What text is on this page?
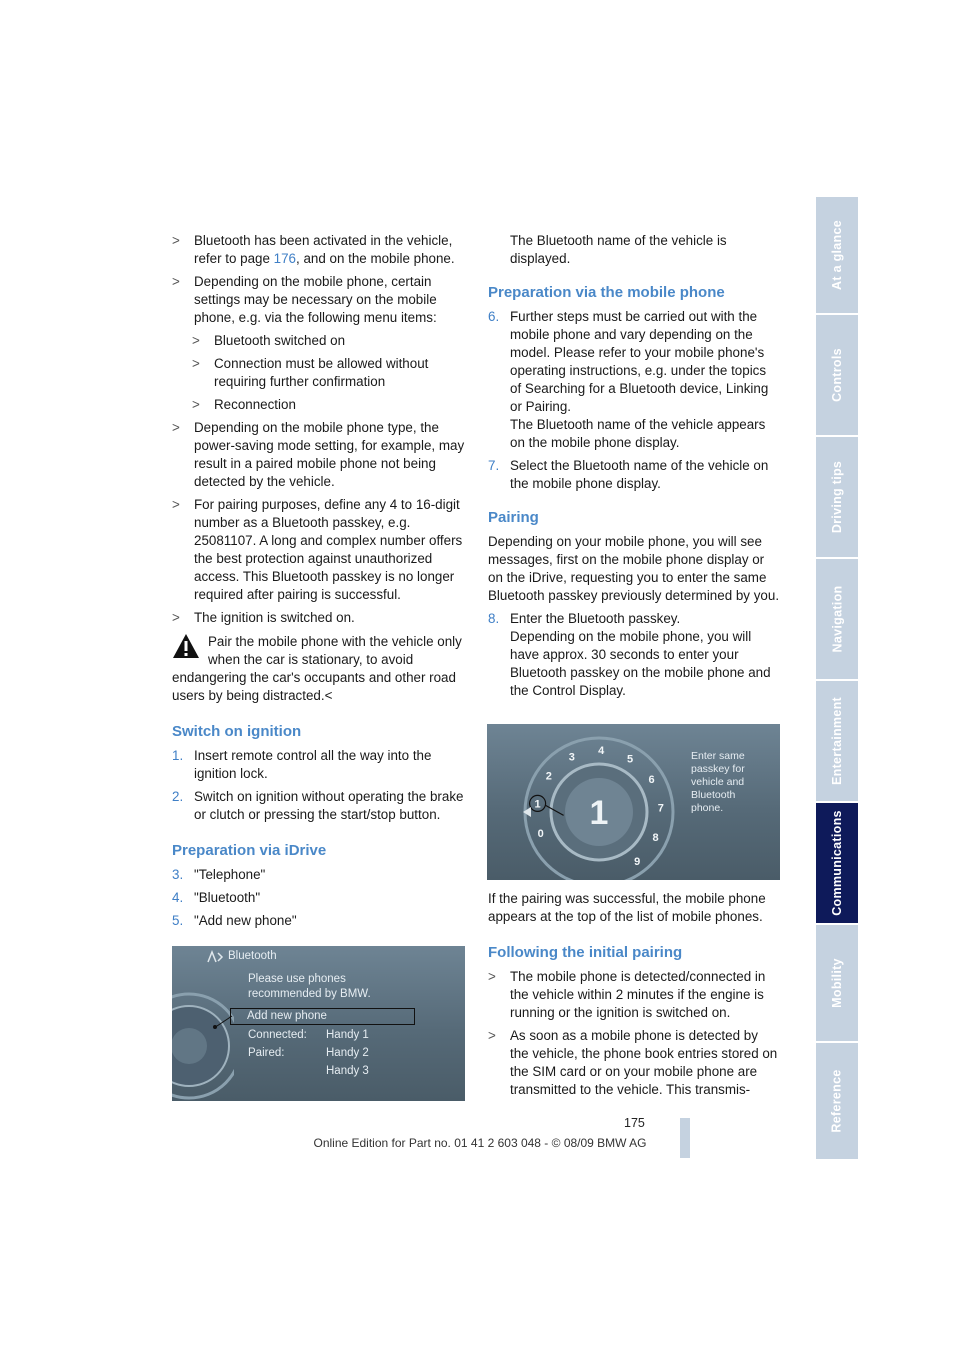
>	Bluetooth has been activated in the vehicle, refer to page 176, and on the mobile phone.

>	Depending on the mobile phone, certain settings may be necessary on the mobile phone, e.g. via the following menu items:

>	Bluetooth switched on

>	Connection must be allowed without requiring further confirmation

>	Reconnection

>	Depending on the mobile phone type, the power-saving mode setting, for example, may result in a paired mobile phone not being detected by the vehicle.

>	For pairing purposes, define any 4 to 16-digit number as a Bluetooth passkey, e.g. 25081107. A long and complex number offers the best protection against unauthorized access. This Bluetooth passkey is no longer required after pairing is successful.

>	The ignition is switched on.

Pair the mobile phone with the vehicle only when the car is stationary, to avoid

endangering the car's occupants and other road users by being distracted.<

Switch on ignition
1. Insert remote control all the way into the ignition lock.

2. Switch on ignition without operating the brake or clutch or pressing the start/stop button.

Preparation via iDrive
3. "Telephone"

4. "Bluetooth"

5. "Add new phone"

Bluetooth
Please use phones
recommended by BMW.
Add new phone
Connected: Handy 1
Paired:	Handy 2
Handy 3

The Bluetooth name of the vehicle is displayed.

Preparation via the mobile phone
6. Further steps must be carried out with the mobile phone and vary depending on the model. Please refer to your mobile phone's operating instructions, e.g. under the topics of Searching for a Bluetooth device, Linking or Pairing.

The Bluetooth name of the vehicle appears on the mobile phone display.

7. Select the Bluetooth name of the vehicle on the mobile phone display.

Pairing

Depending on your mobile phone, you will see messages, first on the mobile phone display or on the iDrive, requesting you to enter the same Bluetooth passkey previously determined by you.

8. Enter the Bluetooth passkey.

Depending on the mobile phone, you will have approx. 30 seconds to enter your Bluetooth passkey on the mobile phone and the Control Display.

1
0
1
2
3
4
5
6
7
8
9
Enter same
passkey for
vehicle and
Bluetooth
phone.

If the pairing was successful, the mobile phone appears at the top of the list of mobile phones.

Following the initial pairing
>	The mobile phone is detected/connected in the vehicle within 2 minutes if the engine is running or the ignition is switched on.

>	As soon as a mobile phone is detected by the vehicle, the phone book entries stored on the SIM card or on your mobile phone are transmitted to the vehicle. This transmis-

At a glance
Controls
Driving tips
Navigation
Entertainment
Communications
Mobility
Reference
175
Online Edition for Part no. 01 41 2 603 048 - © 08/09 BMW AG
